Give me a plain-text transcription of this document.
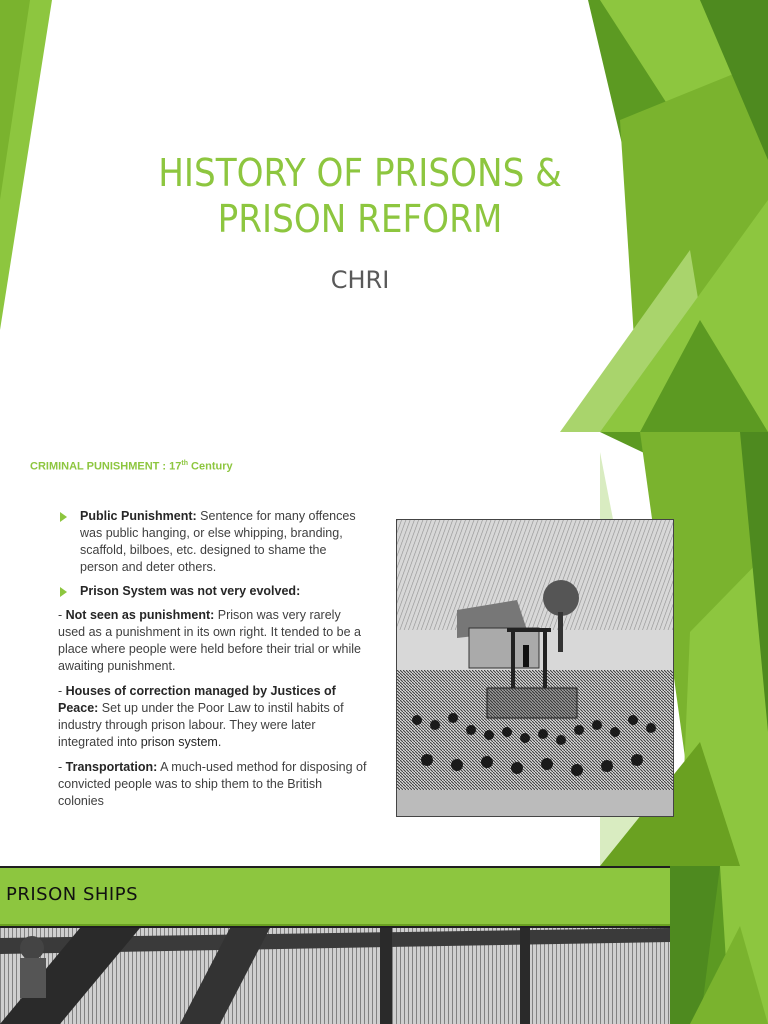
HISTORY OF PRISONS &
PRISON REFORM
CHRI
CRIMINAL PUNISHMENT : 17th Century
Public Punishment: Sentence for many offences was public hanging, or else whipping, branding, scaffold, bilboes, etc. designed to shame the person and deter others.
Prison System was not very evolved:

- Not seen as punishment: Prison was very rarely used as a punishment in its own right. It tended to be a place where people were held before their trial or while awaiting punishment.

- Houses of correction managed by Justices of Peace: Set up under the Poor Law to instil habits of industry through prison labour. They were later integrated into prison system.

- Transportation: A much-used method for disposing of convicted people was to ship them to the British colonies

PRISON SHIPS
